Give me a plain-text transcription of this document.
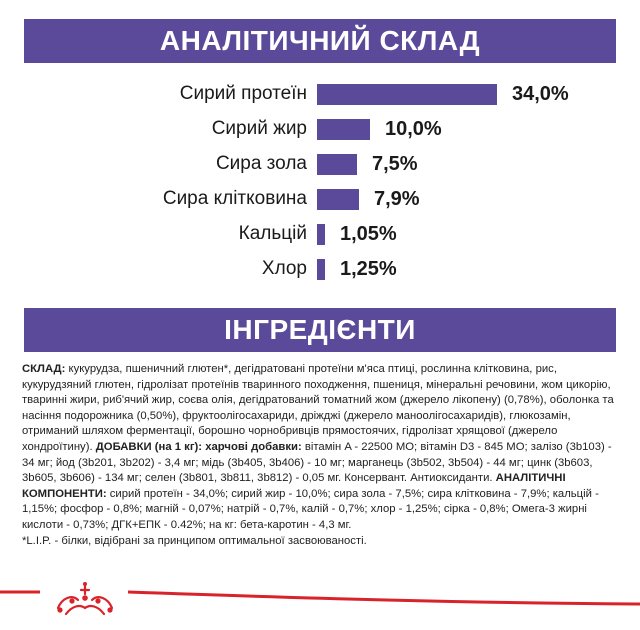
АНАЛІТИЧНИЙ СКЛАД
Сирий протеїн	34,0%
Сирий жир	10,0%
Сира зола	7,5%
Сира клітковина	7,9%
Кальцій 1,05%
Хлор 1,25%
ІНГРЕДІЄНТИ

СКЛАД: кукурудза, пшеничний глютен*, дегідратовані протеїни м'яса птиці, рослинна клітковина, рис, кукурудзяний глютен, гідролізат протеїнів тваринного походження, пшениця, мінеральні речовини, жом цикорію, тваринні жири, риб'ячий жир, соєва олія, дегідратований томатний жом (джерело лікопену) (0,78%), оболонка та насіння подорожника (0,50%), фруктоолігосахариди, дріжджі (джерело маноолігосахаридів), глюкозамін, отриманий шляхом ферментації, борошно чорнобривців прямостоячих, гідролізат хрящової (джерело хондроїтину). ДОБАВКИ (на 1 кг): харчові добавки: вітамін A - 22500 МО; вітамін D3 - 845 МО; залізо (3b103) - 34 мг; йод (3b201, 3b202) - 3,4 мг; мідь (3b405, 3b406) - 10 мг; марганець (3b502, 3b504) - 44 мг; цинк (3b603, 3b605, 3b606) - 134 мг; селен (3b801, 3b811, 3b812) - 0,05 мг. Консервант. Антиоксиданти. АНАЛІТИЧНІ КОМПОНЕНТИ: сирий протеїн - 34,0%; сирий жир - 10,0%; сира зола - 7,5%; сира клітковина - 7,9%; кальцій - 1,15%; фосфор - 0,8%; магній - 0,07%; натрій - 0,7%, калій - 0,7%; хлор - 1,25%; сірка - 0,8%; Омега-3 жирні кислоти - 0,73%; ДГК+ЕПК - 0.42%; на кг: бета-каротин - 4,3 мг.

*L.I.P. - білки, відібрані за принципом оптимальної засвоюваності.
